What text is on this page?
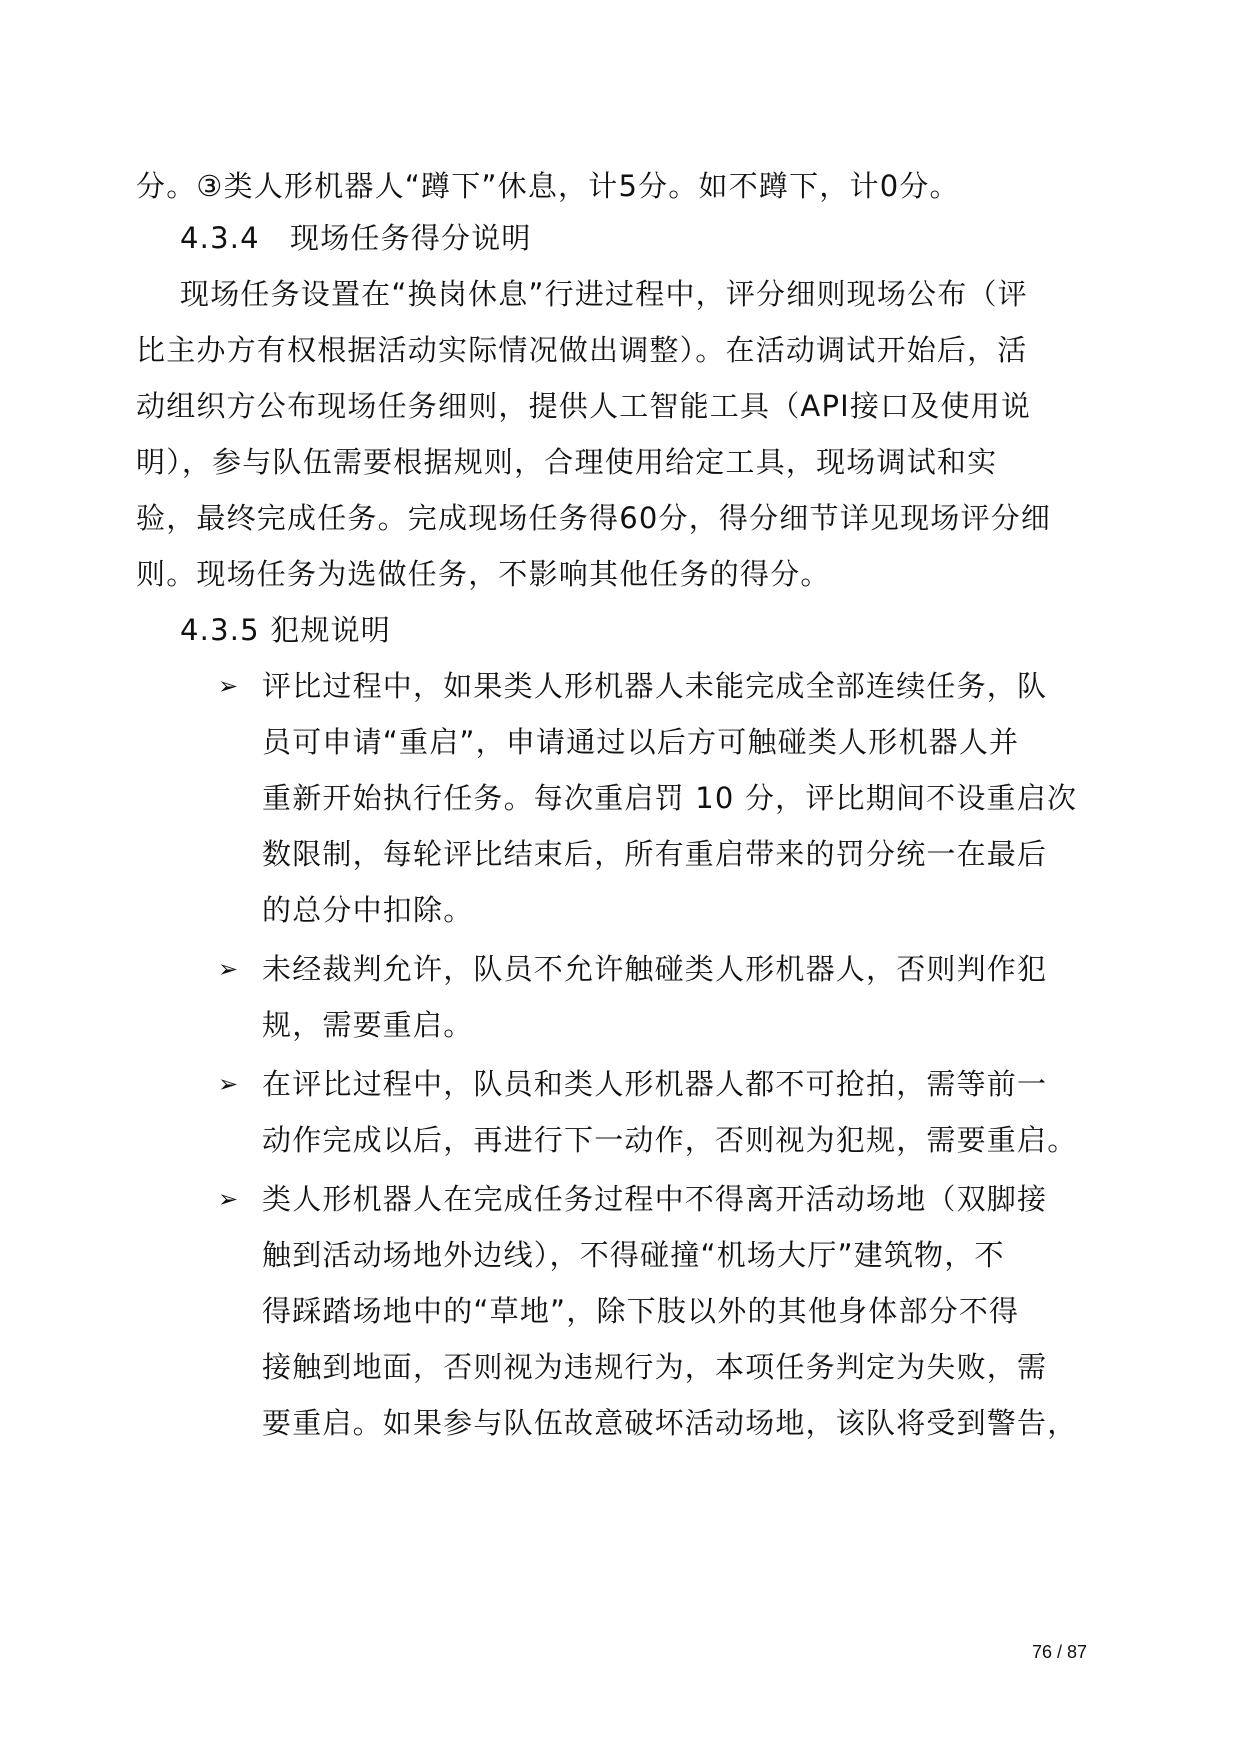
分。③类人形机器人“蹲下”休息，计5分。如不蹲下，计0分。
4.3.4　现场任务得分说明
现场任务设置在“换岗休息”行进过程中，评分细则现场公布（评
比主办方有权根据活动实际情况做出调整）。在活动调试开始后，活
动组织方公布现场任务细则，提供人工智能工具（API接口及使用说
明），参与队伍需要根据规则，合理使用给定工具，现场调试和实
验，最终完成任务。完成现场任务得60分，得分细节详见现场评分细
则。现场任务为选做任务，不影响其他任务的得分。
4.3.5 犯规说明
➢ 评比过程中，如果类人形机器人未能完成全部连续任务，队
员可申请“重启”，申请通过以后方可触碰类人形机器人并
重新开始执行任务。每次重启罚 10 分，评比期间不设重启次
数限制，每轮评比结束后，所有重启带来的罚分统一在最后
的总分中扣除。
➢ 未经裁判允许，队员不允许触碰类人形机器人，否则判作犯
规，需要重启。
➢ 在评比过程中，队员和类人形机器人都不可抢拍，需等前一
动作完成以后，再进行下一动作，否则视为犯规，需要重启。
➢ 类人形机器人在完成任务过程中不得离开活动场地（双脚接
触到活动场地外边线），不得碰撞“机场大厅”建筑物，不
得踩踏场地中的“草地”，除下肢以外的其他身体部分不得
接触到地面，否则视为违规行为，本项任务判定为失败，需
要重启。如果参与队伍故意破坏活动场地，该队将受到警告，
76 / 87
